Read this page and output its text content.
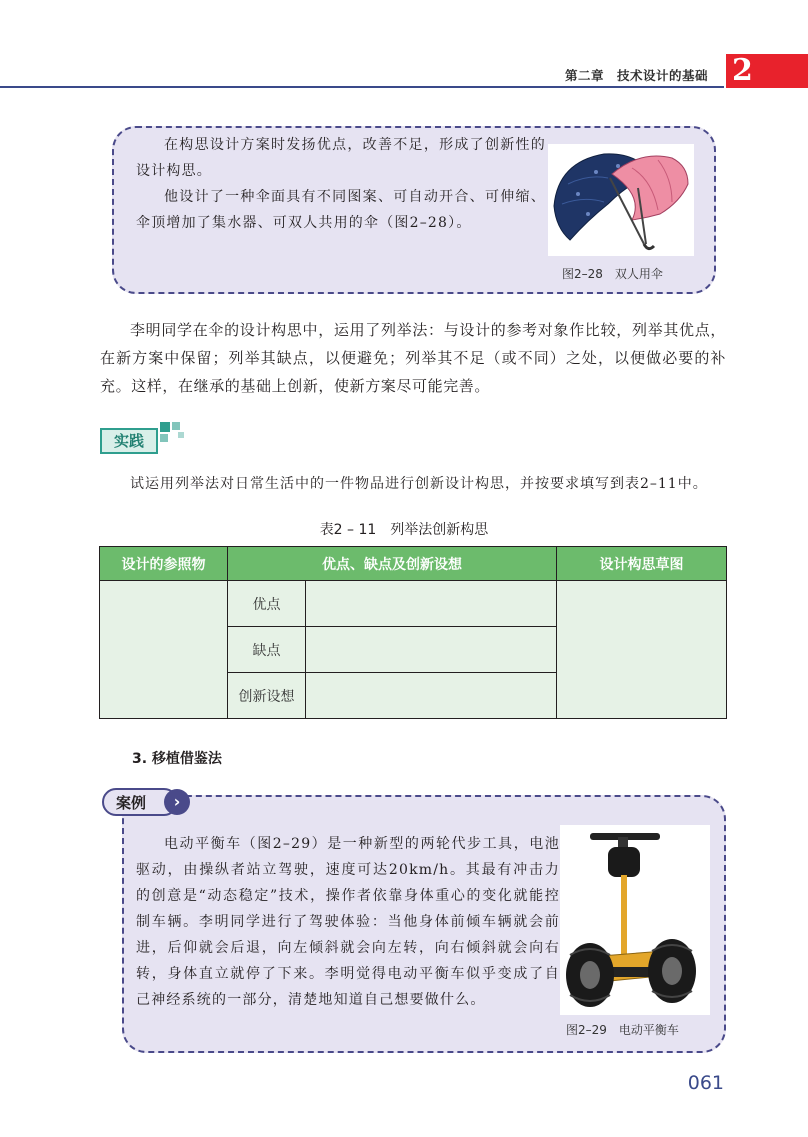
第二章　技术设计的基础 2

在构思设计方案时发扬优点，改善不足，形成了创新性的设计构思。

他设计了一种伞面具有不同图案、可自动开合、可伸缩、伞顶增加了集水器、可双人共用的伞（图2–28）。

图2–28　双人用伞
李明同学在伞的设计构思中，运用了列举法：与设计的参考对象作比较，列举其优点，在新方案中保留；列举其缺点，以便避免；列举其不足（或不同）之处，以便做必要的补充。这样，在继承的基础上创新，使新方案尽可能完善。
实践
试运用列举法对日常生活中的一件物品进行创新设计构思，并按要求填写到表2–11中。
表2 – 11　列举法创新构思
设计的参照物	优点、缺点及创新设想		设计构思草图
	优点		
	缺点		
	创新设想		
3. 移植借鉴法

电动平衡车（图2–29）是一种新型的两轮代步工具，电池驱动，由操纵者站立驾驶，速度可达20km/h。其最有冲击力的创意是“动态稳定”技术，操作者依靠身体重心的变化就能控制车辆。李明同学进行了驾驶体验：当他身体前倾车辆就会前进，后仰就会后退，向左倾斜就会向左转，向右倾斜就会向右转，身体直立就停了下来。李明觉得电动平衡车似乎变成了自己神经系统的一部分，清楚地知道自己想要做什么。

图2–29　电动平衡车
案例	›
061
